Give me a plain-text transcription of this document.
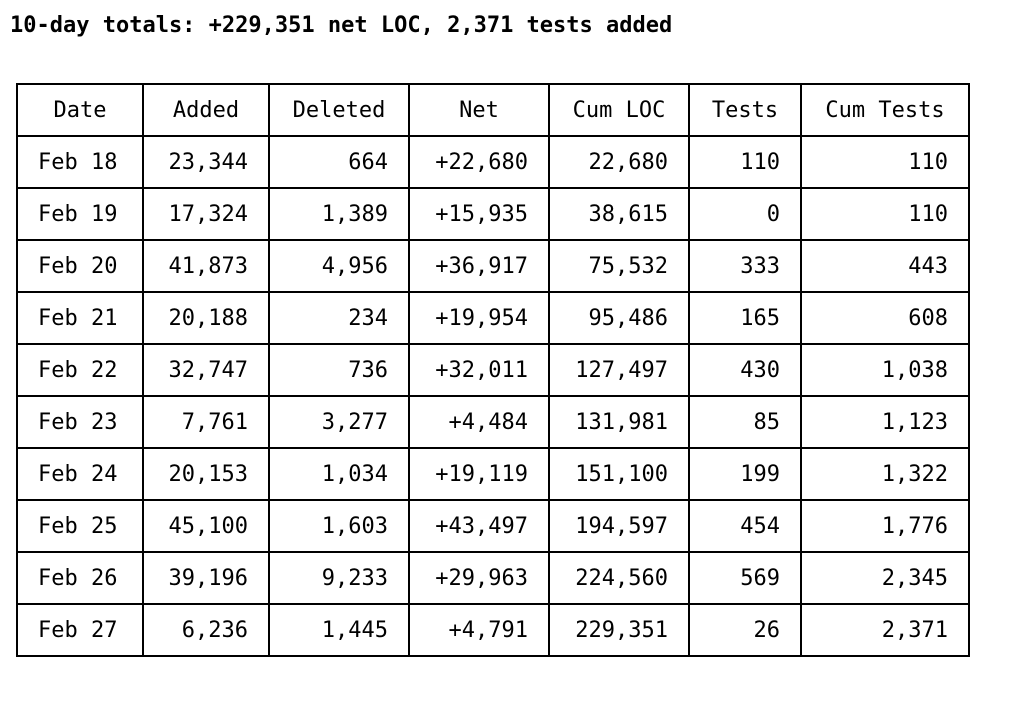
10-day totals: +229,351 net LOC, 2,371 tests added
Date	Added	Deleted	Net	Cum LOC	Tests	Cum Tests
Feb 18	23,344	664	+22,680	22,680	110	110
Feb 19	17,324	1,389	+15,935	38,615	0	110
Feb 20	41,873	4,956	+36,917	75,532	333	443
Feb 21	20,188	234	+19,954	95,486	165	608
Feb 22	32,747	736	+32,011	127,497	430	1,038
Feb 23	7,761	3,277	+4,484	131,981	85	1,123
Feb 24	20,153	1,034	+19,119	151,100	199	1,322
Feb 25	45,100	1,603	+43,497	194,597	454	1,776
Feb 26	39,196	9,233	+29,963	224,560	569	2,345
Feb 27	6,236	1,445	+4,791	229,351	26	2,371
